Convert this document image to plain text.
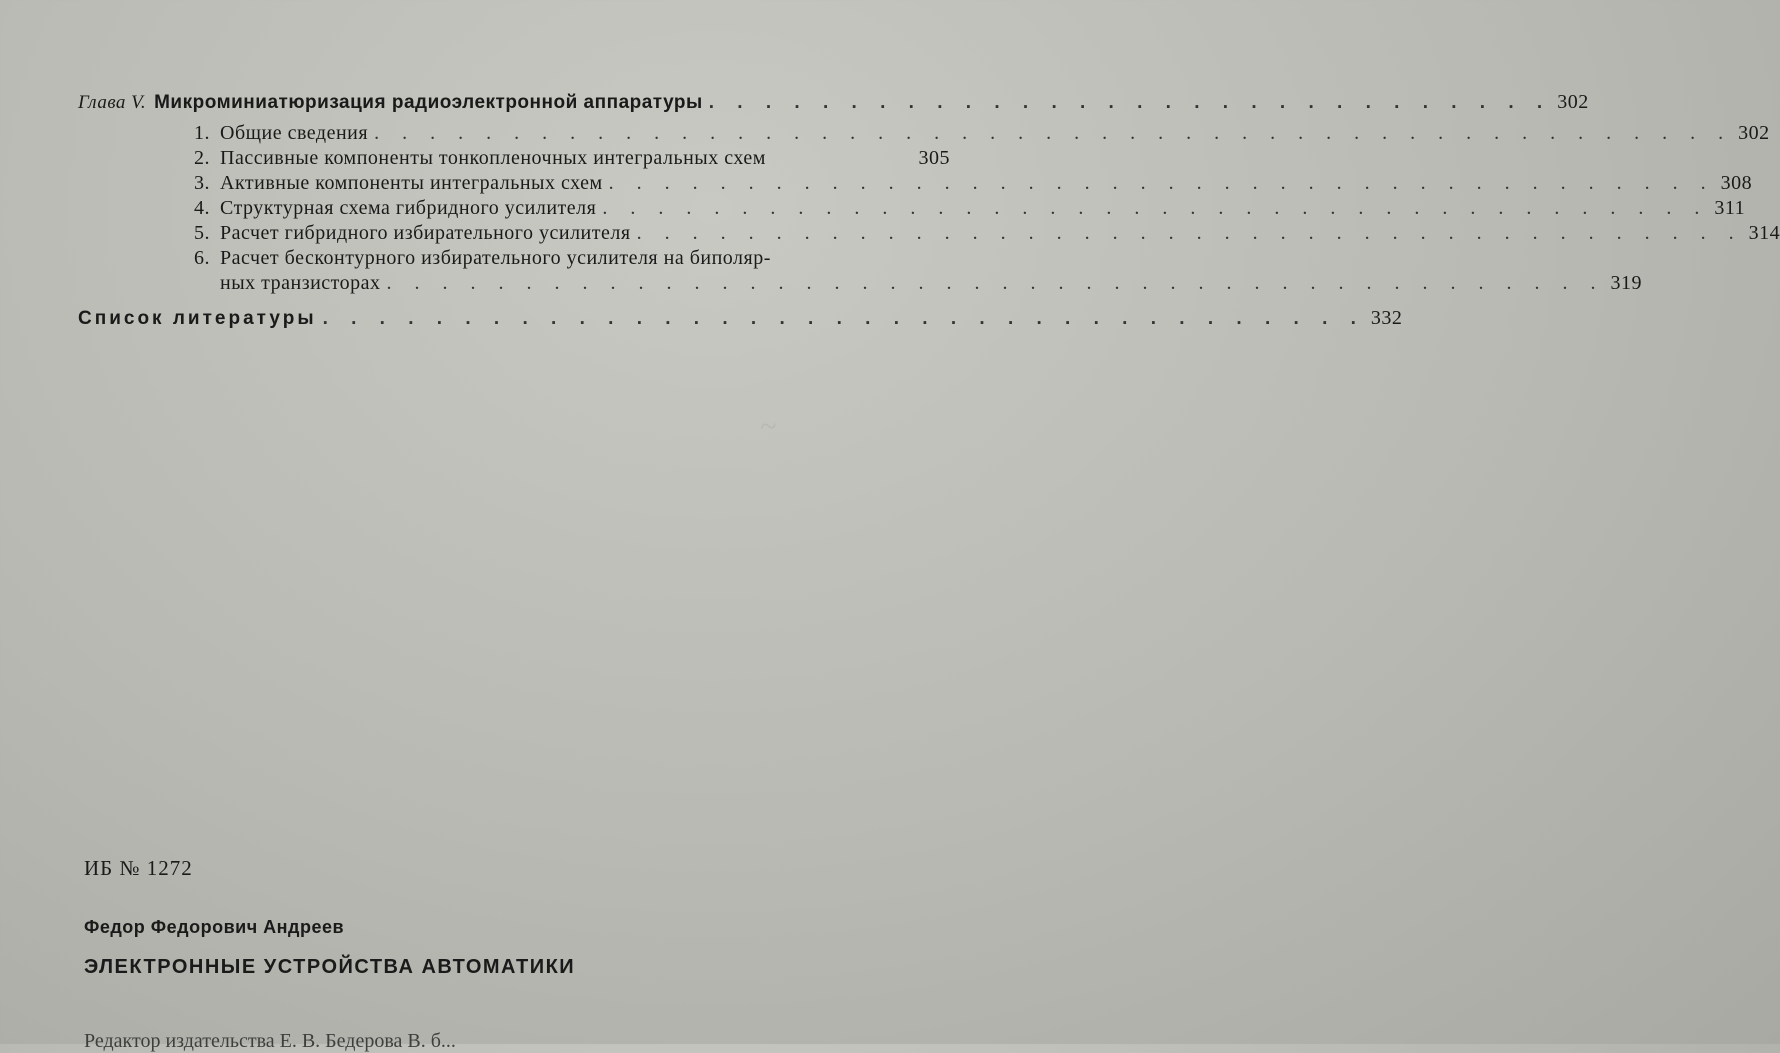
~
Глава V. Микроминиатюризация радиоэлектронной аппаратуры . . . . . . . . . . . . . . . . . . . . . . . . . . . . . . 302
1. Общие сведения . . . . . . . . . . . . . . . . . . . . . . . . . . . . . . . . . . . . . . . . . . . . . . . . . 302
2. Пассивные компоненты тонкопленочных интегральных схем	305
3. Активные компоненты интегральных схем . . . . . . . . . . . . . . . . . . . . . . . . . . . . . . . . . . . . . . . . 308
4. Структурная схема гибридного усилителя . . . . . . . . . . . . . . . . . . . . . . . . . . . . . . . . . . . . . . . . 311
5. Расчет гибридного избирательного усилителя . . . . . . . . . . . . . . . . . . . . . . . . . . . . . . . . . . . . . . . . 314
6. Расчет бесконтурного избирательного усилителя на биполяр-
ных транзисторах . . . . . . . . . . . . . . . . . . . . . . . . . . . . . . . . . . . . . . . . . . . . 319
Список литературы . . . . . . . . . . . . . . . . . . . . . . . . . . . . . . . . . . . . . 332
ИБ № 1272
Федор Федорович Андреев
ЭЛЕКТРОННЫЕ УСТРОЙСТВА АВТОМАТИКИ
Редактор издательства Е. В. Бедерова В. б...
